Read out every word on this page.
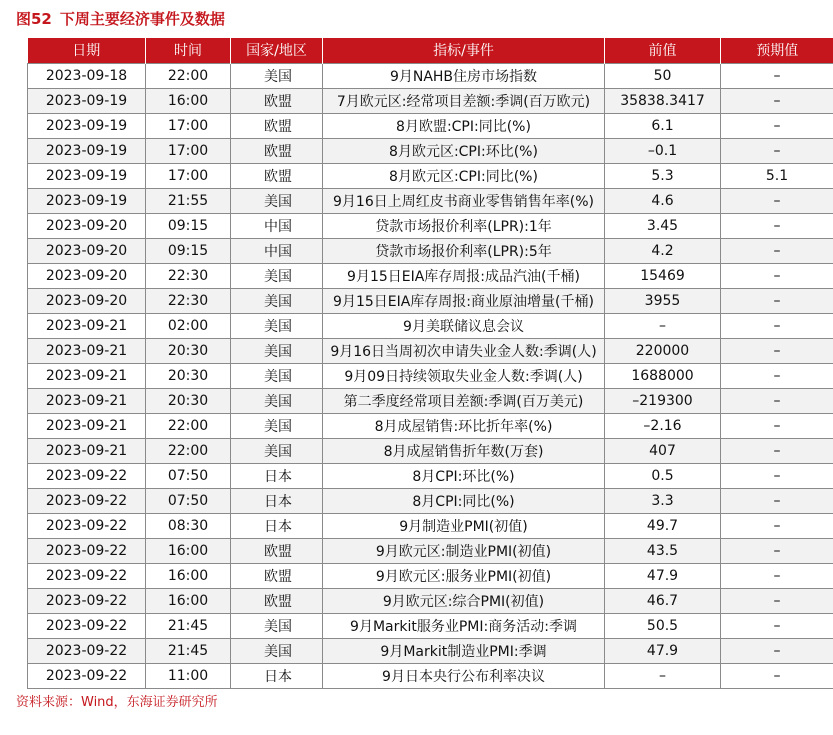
图52 下周主要经济事件及数据
日期	时间	国家/地区	指标/事件	前值	预期值
2023-09-18	22:00	美国	9月NAHB住房市场指数	50	–
2023-09-19	16:00	欧盟	7月欧元区:经常项目差额:季调(百万欧元)	35838.3417	–
2023-09-19	17:00	欧盟	8月欧盟:CPI:同比(%)	6.1	–
2023-09-19	17:00	欧盟	8月欧元区:CPI:环比(%)	–0.1	–
2023-09-19	17:00	欧盟	8月欧元区:CPI:同比(%)	5.3	5.1
2023-09-19	21:55	美国	9月16日上周红皮书商业零售销售年率(%)	4.6	–
2023-09-20	09:15	中国	贷款市场报价利率(LPR):1年	3.45	–
2023-09-20	09:15	中国	贷款市场报价利率(LPR):5年	4.2	–
2023-09-20	22:30	美国	9月15日EIA库存周报:成品汽油(千桶)	15469	–
2023-09-20	22:30	美国	9月15日EIA库存周报:商业原油增量(千桶)	3955	–
2023-09-21	02:00	美国	9月美联储议息会议	–	–
2023-09-21	20:30	美国	9月16日当周初次申请失业金人数:季调(人)	220000	–
2023-09-21	20:30	美国	9月09日持续领取失业金人数:季调(人)	1688000	–
2023-09-21	20:30	美国	第二季度经常项目差额:季调(百万美元)	–219300	–
2023-09-21	22:00	美国	8月成屋销售:环比折年率(%)	–2.16	–
2023-09-21	22:00	美国	8月成屋销售折年数(万套)	407	–
2023-09-22	07:50	日本	8月CPI:环比(%)	0.5	–
2023-09-22	07:50	日本	8月CPI:同比(%)	3.3	–
2023-09-22	08:30	日本	9月制造业PMI(初值)	49.7	–
2023-09-22	16:00	欧盟	9月欧元区:制造业PMI(初值)	43.5	–
2023-09-22	16:00	欧盟	9月欧元区:服务业PMI(初值)	47.9	–
2023-09-22	16:00	欧盟	9月欧元区:综合PMI(初值)	46.7	–
2023-09-22	21:45	美国	9月Markit服务业PMI:商务活动:季调	50.5	–
2023-09-22	21:45	美国	9月Markit制造业PMI:季调	47.9	–
2023-09-22	11:00	日本	9月日本央行公布利率决议	–	–
资料来源：Wind，东海证券研究所
